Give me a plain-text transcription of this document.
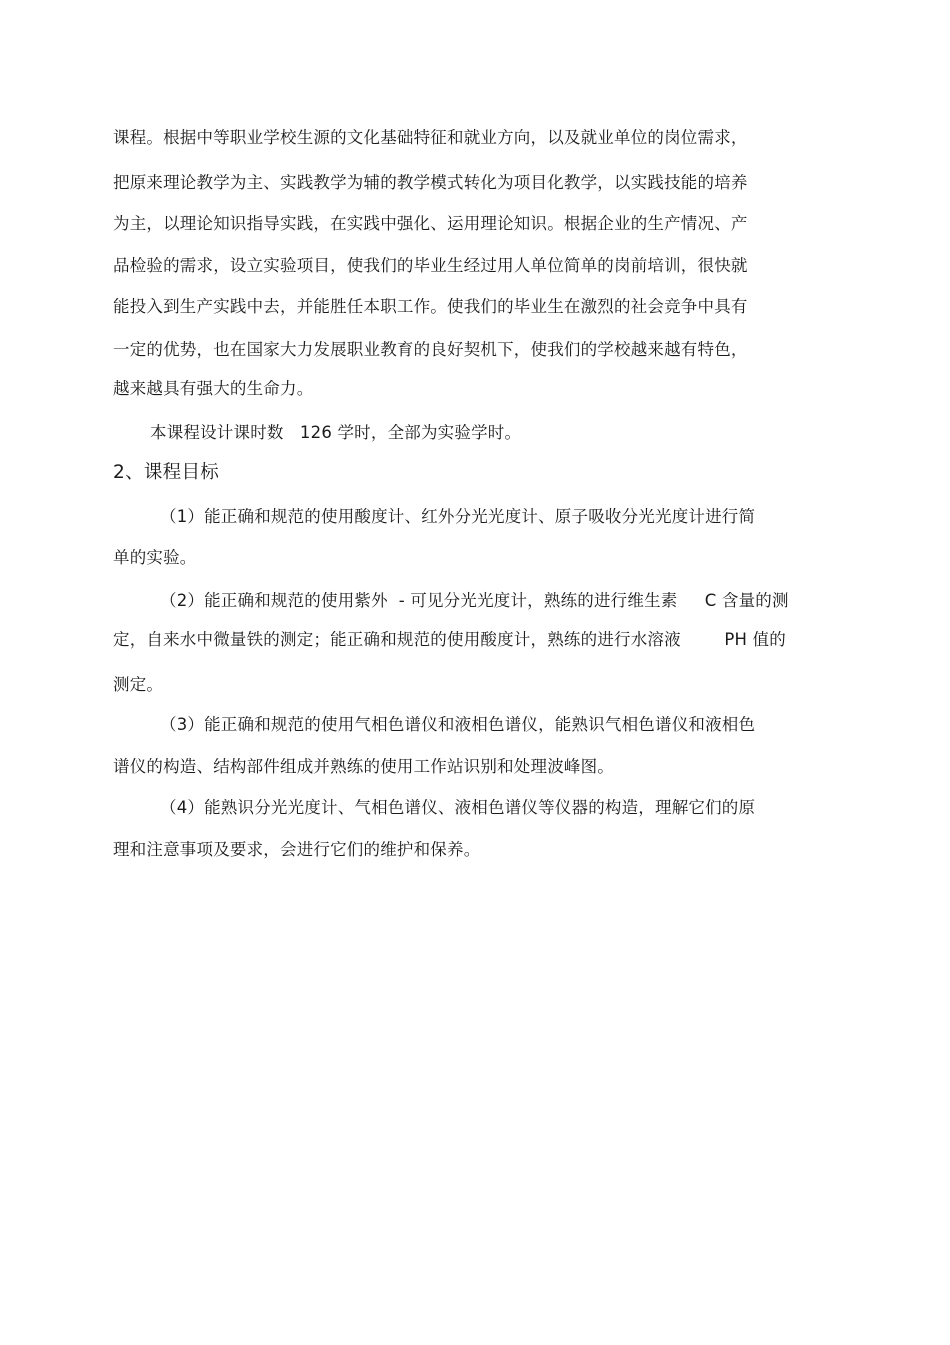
课程。根据中等职业学校生源的文化基础特征和就业方向，以及就业单位的岗位需求，
把原来理论教学为主、实践教学为辅的教学模式转化为项目化教学，以实践技能的培养
为主，以理论知识指导实践，在实践中强化、运用理论知识。根据企业的生产情况、产
品检验的需求，设立实验项目，使我们的毕业生经过用人单位简单的岗前培训，很快就
能投入到生产实践中去，并能胜任本职工作。使我们的毕业生在激烈的社会竞争中具有
一定的优势，也在国家大力发展职业教育的良好契机下，使我们的学校越来越有特色，
越来越具有强大的生命力。
本课程设计课时数   126 学时，全部为实验学时。
2、课程目标
（1）能正确和规范的使用酸度计、红外分光光度计、原子吸收分光光度计进行简
单的实验。
（2）能正确和规范的使用紫外  - 可见分光光度计，熟练的进行维生素     C 含量的测
定，自来水中微量铁的测定；能正确和规范的使用酸度计，熟练的进行水溶液        PH 值的
测定。
（3）能正确和规范的使用气相色谱仪和液相色谱仪，能熟识气相色谱仪和液相色
谱仪的构造、结构部件组成并熟练的使用工作站识别和处理波峰图。
（4）能熟识分光光度计、气相色谱仪、液相色谱仪等仪器的构造，理解它们的原
理和注意事项及要求，会进行它们的维护和保养。
